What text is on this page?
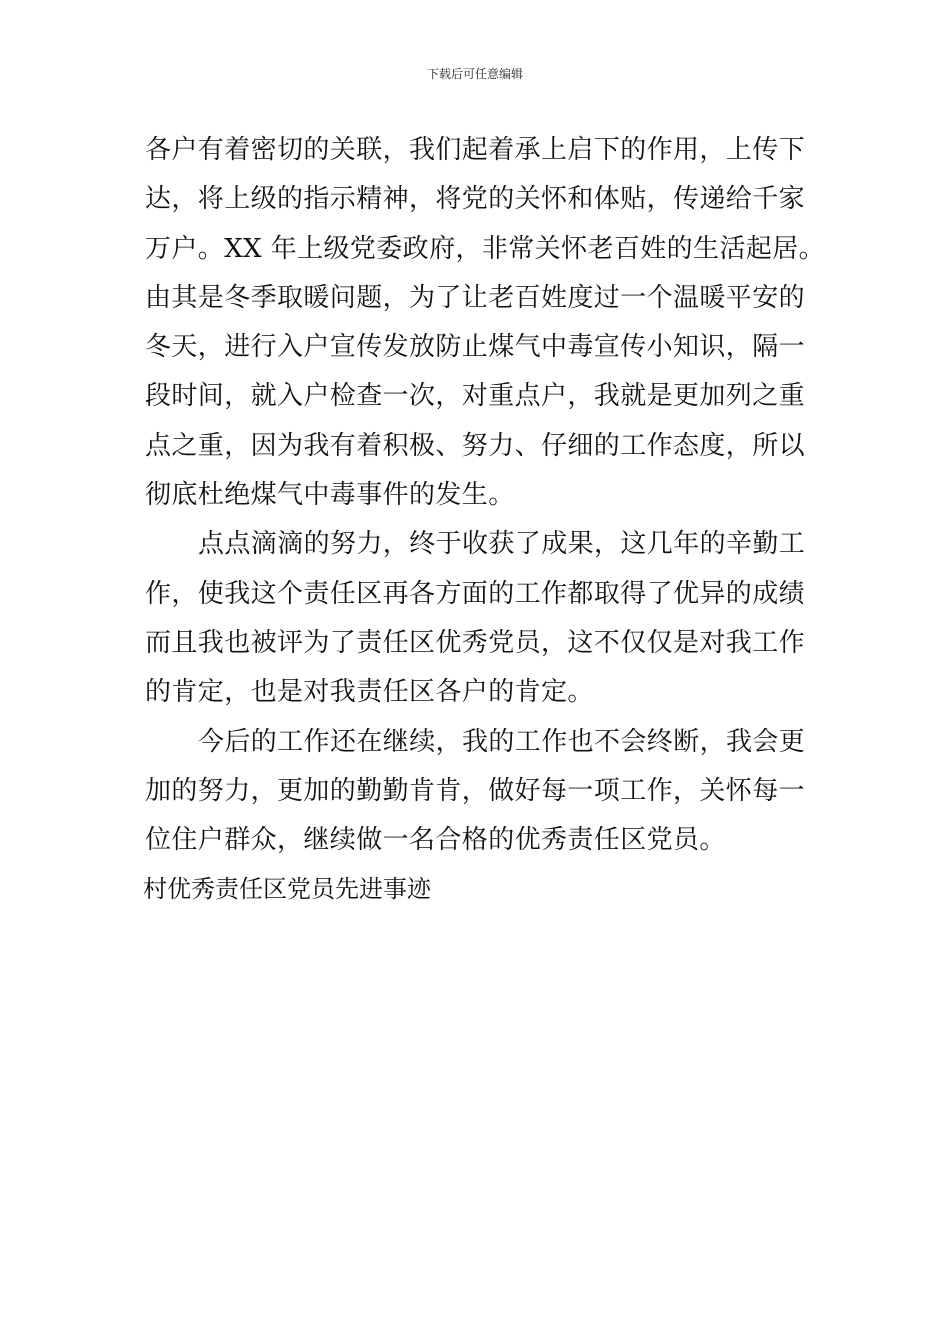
下载后可任意编辑
各户有着密切的关联，我们起着承上启下的作用，上传下
达，将上级的指示精神，将党的关怀和体贴，传递给千家
万户。XX 年上级党委政府，非常关怀老百姓的生活起居。
由其是冬季取暖问题，为了让老百姓度过一个温暖平安的
冬天，进行入户宣传发放防止煤气中毒宣传小知识，隔一
段时间，就入户检查一次，对重点户，我就是更加列之重
点之重，因为我有着积极、努力、仔细的工作态度，所以
彻底杜绝煤气中毒事件的发生。
点点滴滴的努力，终于收获了成果，这几年的辛勤工
作，使我这个责任区再各方面的工作都取得了优异的成绩
而且我也被评为了责任区优秀党员，这不仅仅是对我工作
的肯定，也是对我责任区各户的肯定。
今后的工作还在继续，我的工作也不会终断，我会更
加的努力，更加的勤勤肯肯，做好每一项工作，关怀每一
位住户群众，继续做一名合格的优秀责任区党员。
村优秀责任区党员先进事迹
